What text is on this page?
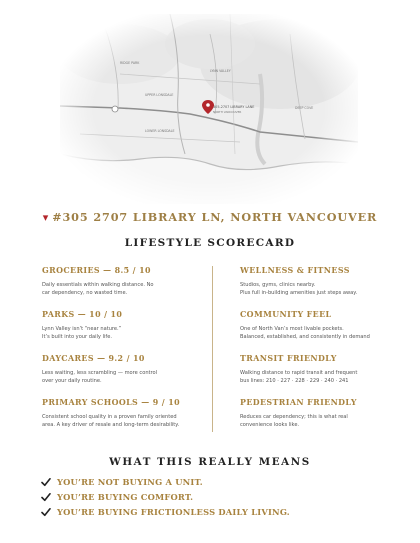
▾ #305 2707 LIBRARY LN, NORTH VANCOUVER
LIFESTYLE SCORECARD
GROCERIES — 8.5 / 10

Daily essentials within walking distance. No

car dependency, no wasted time.

PARKS — 10 / 10

Lynn Valley isn’t “near nature.”

It’s built into your daily life.

DAYCARES — 9.2 / 10

Less waiting, less scrambling — more control

over your daily routine.

PRIMARY SCHOOLS — 9 / 10

Consistent school quality in a proven family oriented

area. A key driver of resale and long-term desirability.

WELLNESS & FITNESS

Studios, gyms, clinics nearby.

Plus full in-building amenities just steps away.

COMMUNITY FEEL

One of North Van’s most livable pockets.

Balanced, established, and consistently in demand

TRANSIT FRIENDLY

Walking distance to rapid transit and frequent

bus lines: 210 · 227 · 228 · 229 · 240 · 241

PEDESTRIAN FRIENDLY

Reduces car dependency; this is what real

convenience looks like.

WHAT THIS REALLY MEANS
YOU’RE NOT BUYING A UNIT.
YOU’RE BUYING COMFORT.
YOU’RE BUYING FRICTIONLESS DAILY LIVING.
